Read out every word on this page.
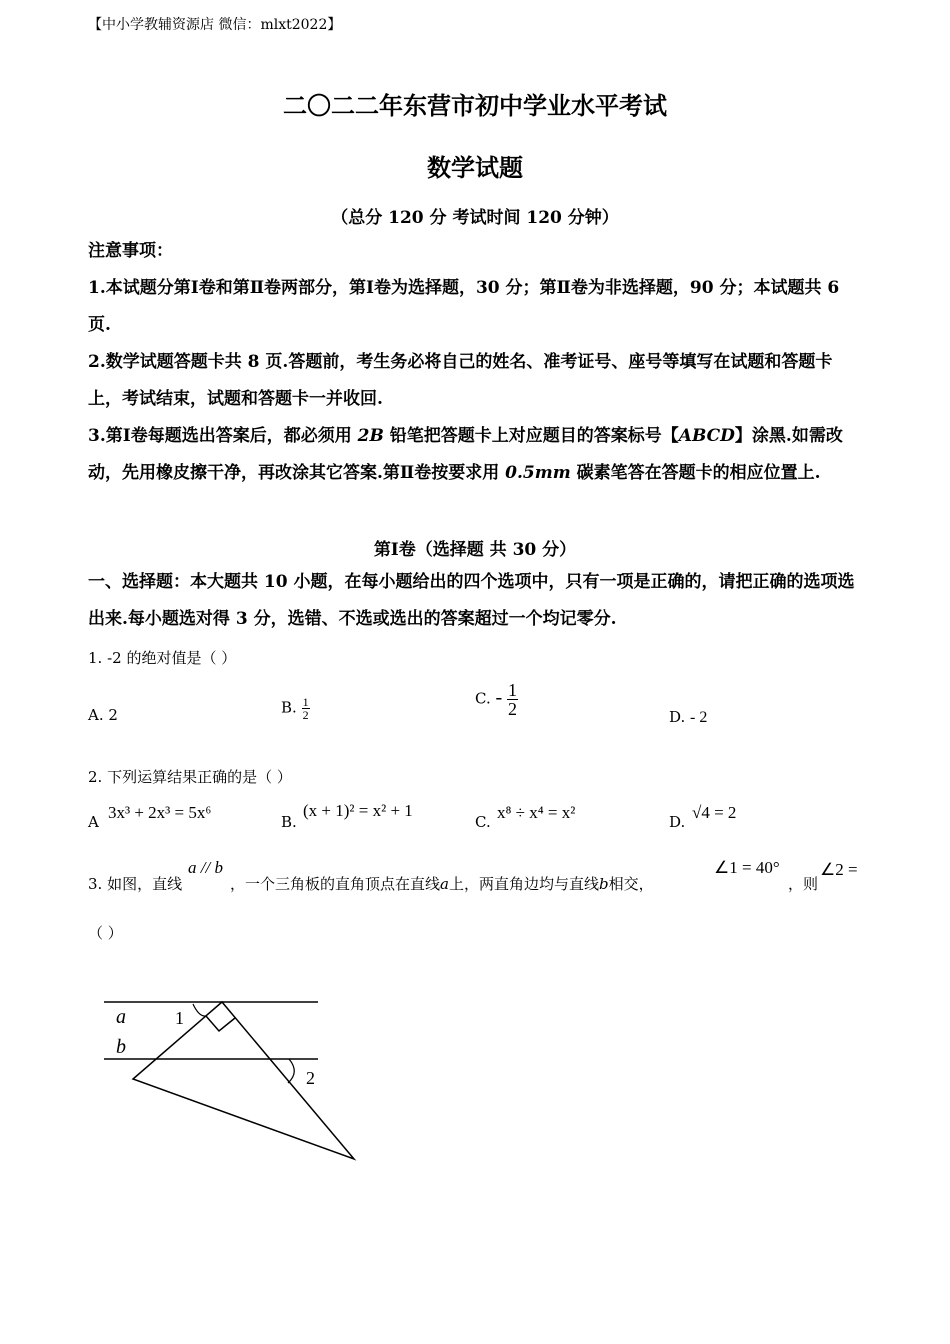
【中小学教辅资源店 微信：mlxt2022】
二〇二二年东营市初中学业水平考试
数学试题
（总分 120 分 考试时间 120 分钟）
注意事项：
1.本试题分第Ⅰ卷和第Ⅱ卷两部分，第Ⅰ卷为选择题，30 分；第Ⅱ卷为非选择题，90 分；本试题共 6 页.
2.数学试题答题卡共 8 页.答题前，考生务必将自己的姓名、准考证号、座号等填写在试题和答题卡上，考试结束，试题和答题卡一并收回.
3.第Ⅰ卷每题选出答案后，都必须用 2B 铅笔把答题卡上对应题目的答案标号【ABCD】涂黑.如需改动，先用橡皮擦干净，再改涂其它答案.第Ⅱ卷按要求用 0.5mm 碳素笔答在答题卡的相应位置上.
第Ⅰ卷（选择题 共 30 分）
一、选择题：本大题共 10 小题，在每小题给出的四个选项中，只有一项是正确的，请把正确的选项选出来.每小题选对得 3 分，选错、不选或选出的答案超过一个均记零分.
1. -2 的绝对值是（ ）
A. 2	B. $\frac{1}{2}$	C. - $\frac{1}{2}$	D. - 2
2. 下列运算结果正确的是（ ）
A 3x³ + 2x³ = 5x⁶	B.
(x + 1)² = x² + 1
C. x⁸ ÷ x⁴ = x²	D. √4 = 2
3. 如图，直线
a // b
，一个三角板的直角顶点在直线a上，两直角边均与直线b相交，
∠1 = 40°
，则
∠2 =
（ ）
a
b
1
2
